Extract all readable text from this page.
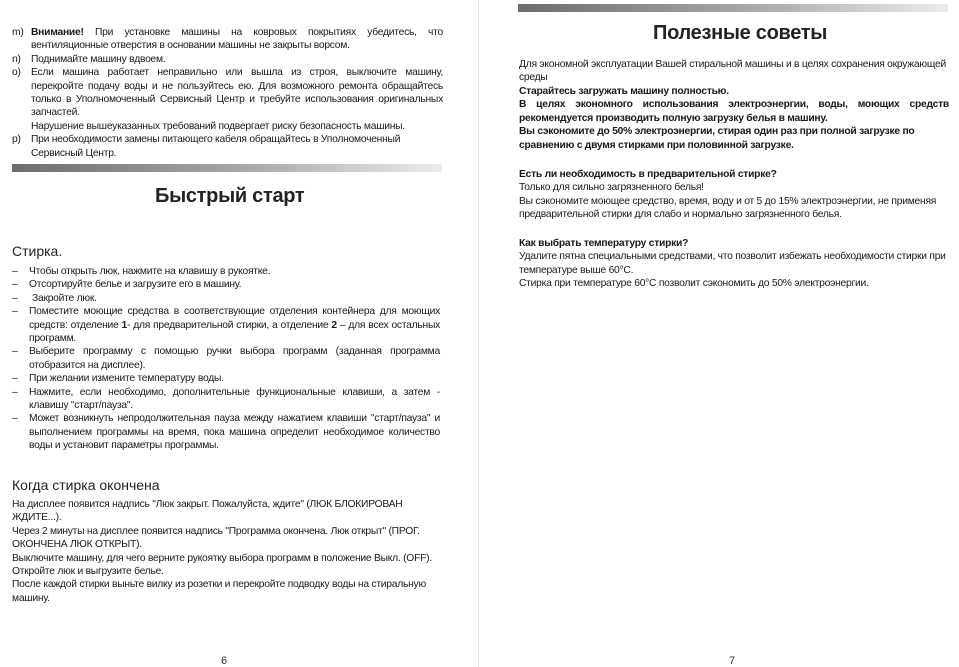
m) Внимание! При установке машины на ковровых покрытиях убедитесь, что вентиляционные отверстия в основании машины не закрыты ворсом.
n)	Поднимайте машину вдвоем.
o)	Если машина работает неправильно или вышла из строя, выключите машину, перекройте подачу воды и не пользуйтесь ею. Для возможного ремонта обращайтесь только в Уполномоченный Сервисный Центр и требуйте использования оригинальных запчастей.
Нарушение вышеуказанных требований подвергает риску безопасность машины.
p)	При необходимости замены питающего кабеля обращайтесь в Уполномоченный Сервисный Центр.
Быстрый старт
Стирка.
–	Чтобы открыть люк, нажмите на клавишу в рукоятке.
–	Отсортируйте белье и загрузите его в машину.
–	Закройте люк.
–	Поместите моющие средства в соответствующие отделения контейнера для моющих средств: отделение 1- для предварительной стирки, а отделение 2 – для всех остальных программ.
–	Выберите программу с помощью ручки выбора программ (заданная программа отобразится на дисплее).
–	При желании измените температуру воды.
–	Нажмите, если необходимо, дополнительные функциональные клавиши, а затем - клавишу "старт/пауза".
–	Может возникнуть непродолжительная пауза между нажатием клавиши "старт/пауза" и выполнением программы на время, пока машина определит необходимое количество воды и установит параметры программы.
Когда стирка окончена

На дисплее появится надпись "Люк закрыт. Пожалуйста, ждите" (ЛЮК БЛОКИРОВАН ЖДИТЕ...).

Через 2 минуты на дисплее появится надпись "Программа окончена. Люк открыт" (ПРОГ. ОКОНЧЕНА ЛЮК ОТКРЫТ).

Выключите машину, для чего верните рукоятку выбора программ в положение Выкл. (OFF).

Откройте люк и выгрузите белье.

После каждой стирки выньте вилку из розетки и перекройте подводку воды на стиральную машину.

6
Полезные советы
Для экономной эксплуатации Вашей стиральной машины и в целях сохранения окружающей среды

Старайтесь загружать машину полностью.

В целях экономного использования электроэнергии, воды, моющих средств рекомендуется производить полную загрузку белья в машину.

Вы сэкономите до 50% электроэнергии, стирая один раз при полной загрузке по сравнению с двумя стирками при половинной загрузке.

Есть ли необходимость в предварительной стирке?

Только для сильно загрязненного белья!

Вы сэкономите моющее средство, время, воду и от 5 до 15% электроэнергии, не применяя предварительной стирки для слабо и нормально загрязненного белья.

Как выбрать температуру стирки?

Удалите пятна специальными средствами, что позволит избежать необходимости стирки при температуре выше 60°С.

Стирка при температуре 60°С позволит сэкономить до 50% электроэнергии.

7
